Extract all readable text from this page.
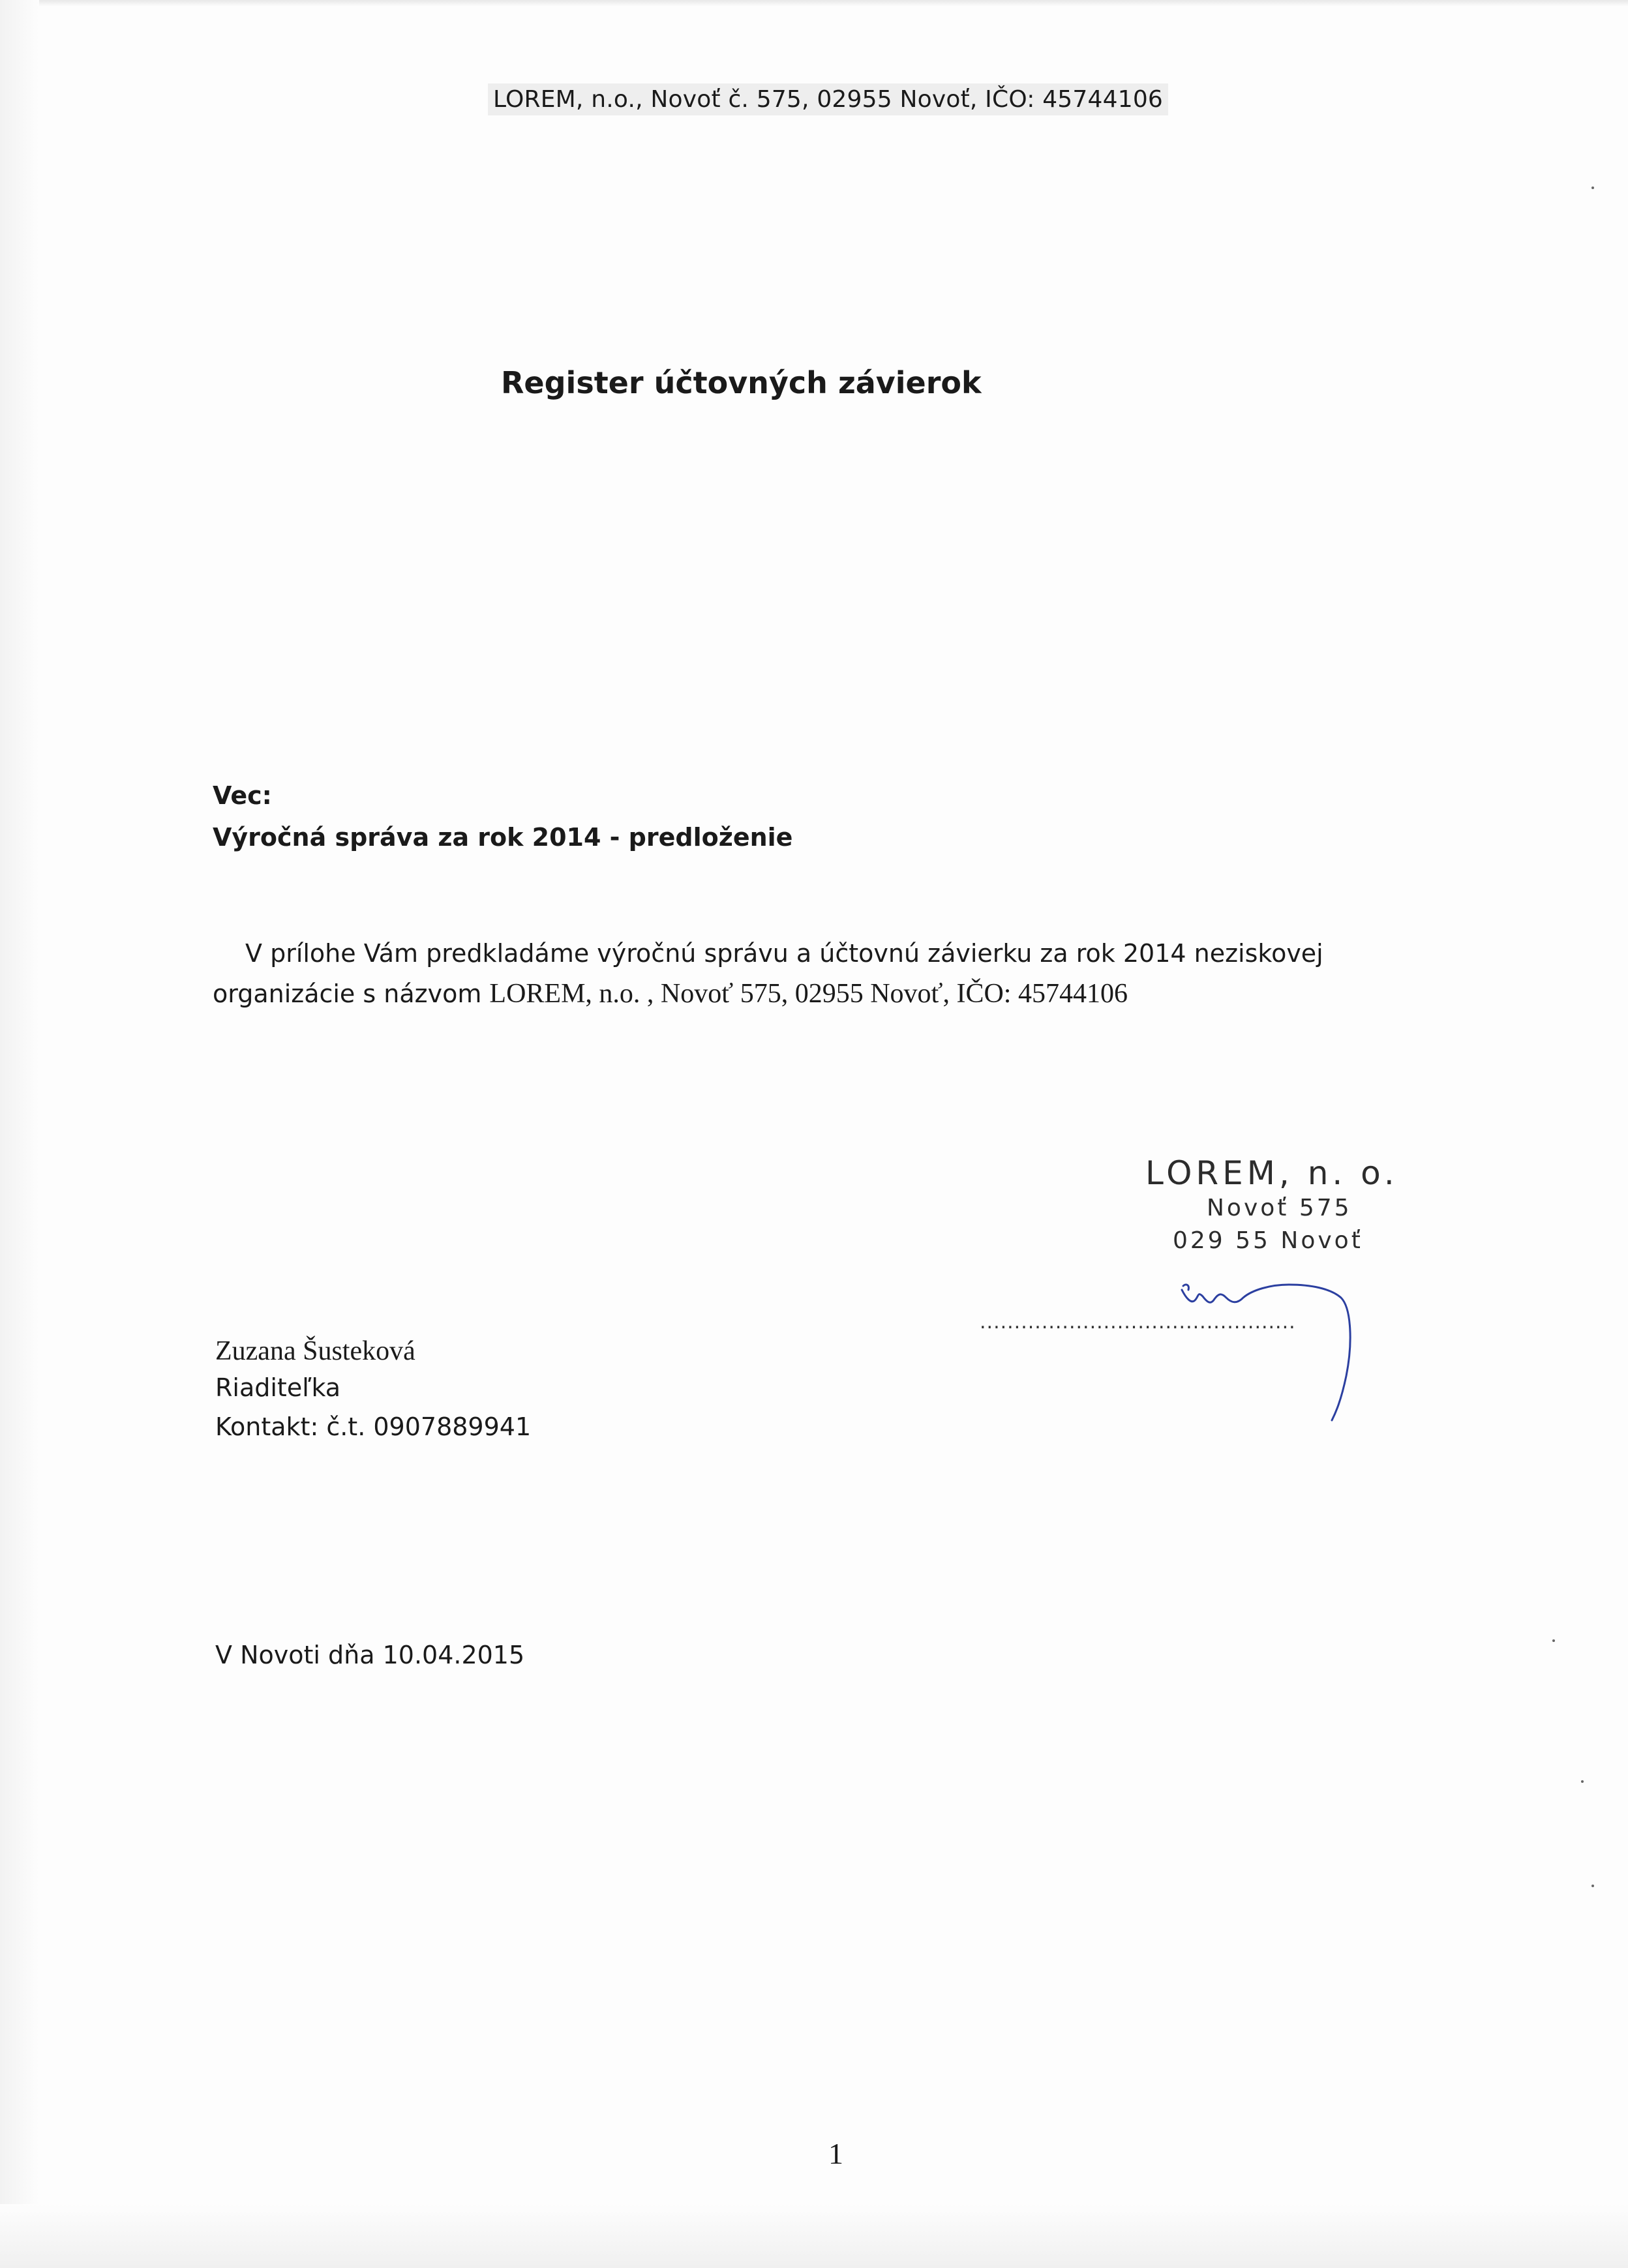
LOREM, n.o., Novoť č. 575, 02955 Novoť, IČO: 45744106
Register účtovných závierok
Vec:
Výročná správa za rok 2014 - predloženie
V prílohe Vám predkladáme výročnú správu a účtovnú závierku za rok 2014 neziskovej
organizácie s názvom LOREM, n.o. , Novoť 575, 02955 Novoť, IČO: 45744106
LOREM, n. o.
Novoť 575
029 55 Novoť
..............................................
Zuzana Šusteková
Riaditeľka
Kontakt: č.t. 0907889941
V Novoti dňa 10.04.2015
1
